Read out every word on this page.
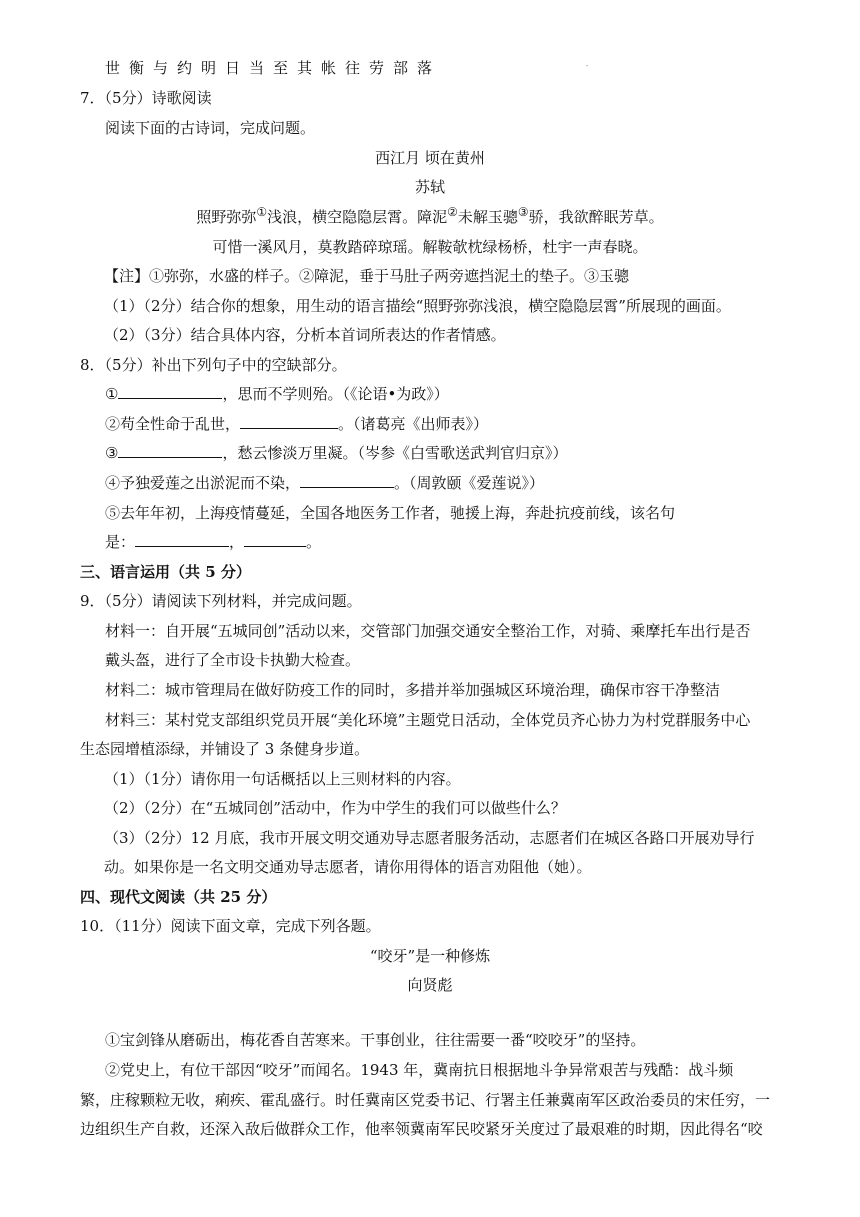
世衡与约明日当至其帐往劳部落	-
7．（5分）诗歌阅读
阅读下面的古诗词，完成问题。
西江月 顷在黄州
苏轼
照野弥弥①浅浪，横空隐隐层霄。障泥②未解玉骢③骄，我欲醉眠芳草。
可惜一溪风月，莫教踏碎琼瑶。解鞍欹枕绿杨桥，杜宇一声春晓。
【注】①弥弥，水盛的样子。②障泥，垂于马肚子两旁遮挡泥土的垫子。③玉骢
（1）（2分）结合你的想象，用生动的语言描绘“照野弥弥浅浪，横空隐隐层霄”所展现的画面。
（2）（3分）结合具体内容，分析本首词所表达的作者情感。
8．（5分）补出下列句子中的空缺部分。
①	，思而不学则殆。（《论语•为政》）
②苟全性命于乱世，	。（诸葛亮《出师表》）
③	，愁云惨淡万里凝。（岑参《白雪歌送武判官归京》）
④予独爱莲之出淤泥而不染，	。（周敦颐《爱莲说》）
⑤去年年初，上海疫情蔓延，全国各地医务工作者，驰援上海，奔赴抗疫前线，该名句
是：	，	。
三、语言运用（共 5 分）
9．（5分）请阅读下列材料，并完成问题。
材料一：自开展“五城同创”活动以来，交管部门加强交通安全整治工作，对骑、乘摩托车出行是否
戴头盔，进行了全市设卡执勤大检查。
材料二：城市管理局在做好防疫工作的同时，多措并举加强城区环境治理，确保市容干净整洁
材料三：某村党支部组织党员开展“美化环境”主题党日活动，全体党员齐心协力为村党群服务中心
生态园增植添绿，并铺设了 3 条健身步道。
（1）（1分）请你用一句话概括以上三则材料的内容。
（2）（2分）在“五城同创”活动中，作为中学生的我们可以做些什么？
（3）（2分）12 月底，我市开展文明交通劝导志愿者服务活动，志愿者们在城区各路口开展劝导行
动。如果你是一名文明交通劝导志愿者，请你用得体的语言劝阻他（她）。
四、现代文阅读（共 25 分）
10．（11分）阅读下面文章，完成下列各题。
“咬牙”是一种修炼
向贤彪
①宝剑锋从磨砺出，梅花香自苦寒来。干事创业，往往需要一番“咬咬牙”的坚持。
②党史上，有位干部因“咬牙”而闻名。1943 年，冀南抗日根据地斗争异常艰苦与残酷：战斗频
繁，庄稼颗粒无收，痢疾、霍乱盛行。时任冀南区党委书记、行署主任兼冀南军区政治委员的宋任穷，一
边组织生产自救，还深入敌后做群众工作，他率领冀南军民咬紧牙关度过了最艰难的时期，因此得名“咬
